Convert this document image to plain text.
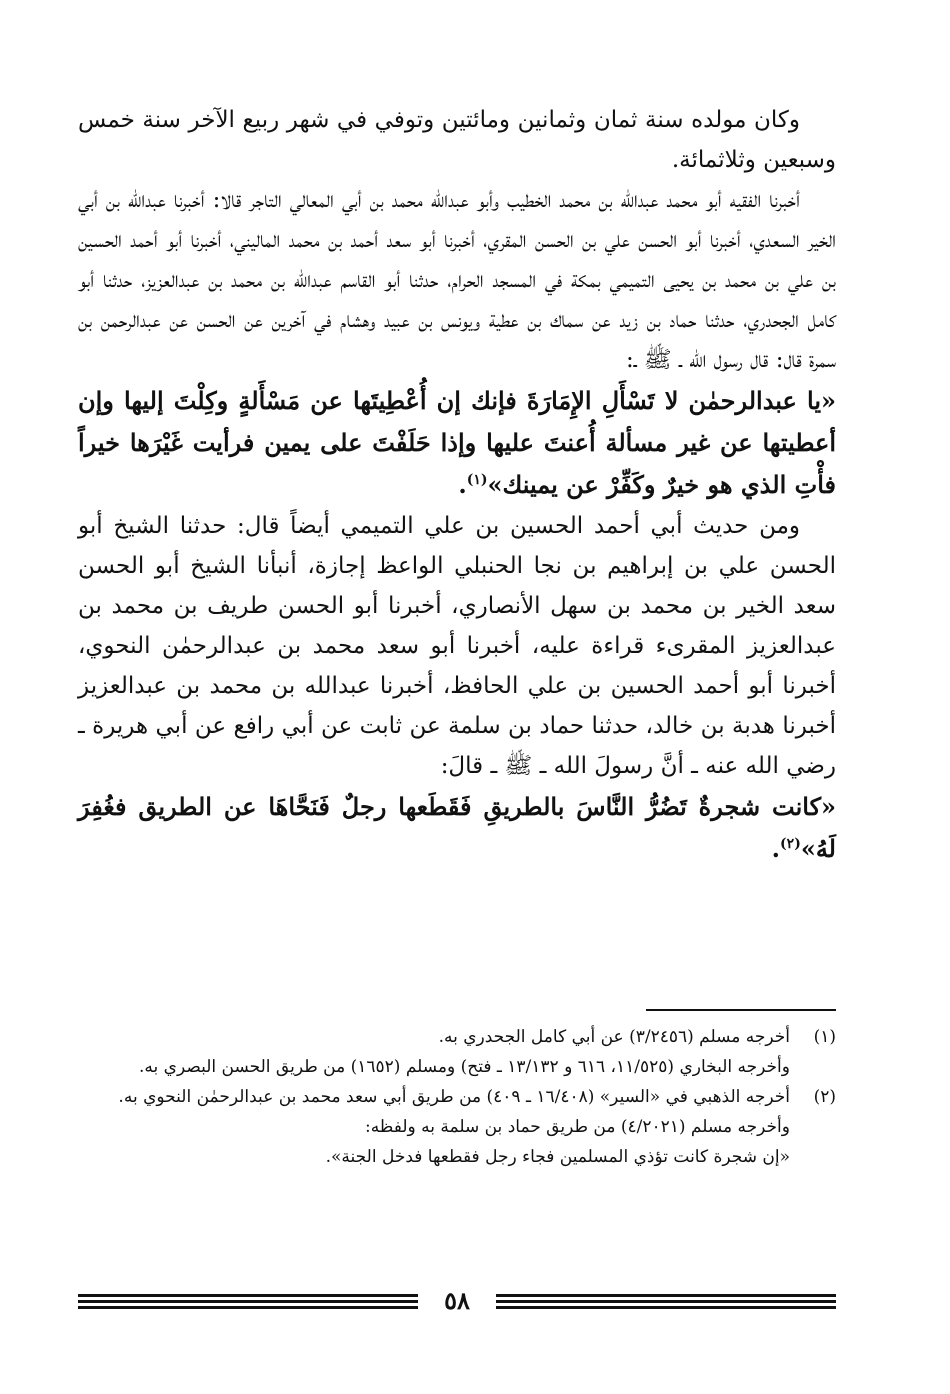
وكان مولده سنة ثمان وثمانين ومائتين وتوفي في شهر ربيع الآخر سنة خمس وسبعين وثلاثمائة.

أخبرنا الفقيه أبو محمد عبدالله بن محمد الخطيب وأبو عبدالله محمد بن أبي المعالي التاجر قالا: أخبرنا عبدالله بن أبي الخير السعدي، أخبرنا أبو الحسن علي بن الحسن المقري، أخبرنا أبو سعد أحمد بن محمد الماليني، أخبرنا أبو أحمد الحسين بن علي بن محمد بن يحيى التميمي بمكة في المسجد الحرام، حدثنا أبو القاسم عبدالله بن محمد بن عبدالعزيز، حدثنا أبو كامل الجحدري، حدثنا حماد بن زيد عن سماك بن عطية ويونس بن عبيد وهشام في آخرين عن الحسن عن عبدالرحمن بن سمرة قال: قال رسول الله ـ ﷺ ـ:

«يا عبدالرحمٰن لا تَسْأَلِ الإِمَارَةَ فإنك إن أُعْطِيتَها عن مَسْأَلةٍ وكِلْتَ إليها وإن أعطيتها عن غير مسألة أُعنتَ عليها وإذا حَلَفْتَ على يمين فرأيت غَيْرَها خيراً فأْتِ الذي هو خيرٌ وكَفِّرْ عن يمينك»$^{(١)}$.

ومن حديث أبي أحمد الحسين بن علي التميمي أيضاً قال: حدثنا الشيخ أبو الحسن علي بن إبراهيم بن نجا الحنبلي الواعظ إجازة، أنبأنا الشيخ أبو الحسن سعد الخير بن محمد بن سهل الأنصاري، أخبرنا أبو الحسن طريف بن محمد بن عبدالعزيز المقرىء قراءة عليه، أخبرنا أبو سعد محمد بن عبدالرحمٰن النحوي، أخبرنا أبو أحمد الحسين بن علي الحافظ، أخبرنا عبدالله بن محمد بن عبدالعزيز أخبرنا هدبة بن خالد، حدثنا حماد بن سلمة عن ثابت عن أبي رافع عن أبي هريرة ـ رضي الله عنه ـ أنَّ رسولَ الله ـ ﷺ ـ قالَ:

«كانت شجرةٌ تَضُرُّ النَّاسَ بالطريقِ فَقَطَعها رجلٌ فَنَحَّاهَا عن الطريق فغُفِرَ لَهُ»$^{(٢)}$.

(١)
أخرجه مسلم (٣/٢٤٥٦) عن أبي كامل الجحدري به.
وأخرجه البخاري (١١/٥٢٥، ٦١٦ و ١٣/١٣٢ ـ فتح) ومسلم (١٦٥٢) من طريق الحسن البصري به.
(٢)
أخرجه الذهبي في «السير» (١٦/٤٠٨ ـ ٤٠٩) من طريق أبي سعد محمد بن عبدالرحمٰن النحوي به.
وأخرجه مسلم (٤/٢٠٢١) من طريق حماد بن سلمة به ولفظه:
«إن شجرة كانت تؤذي المسلمين فجاء رجل فقطعها فدخل الجنة».
٥٨
